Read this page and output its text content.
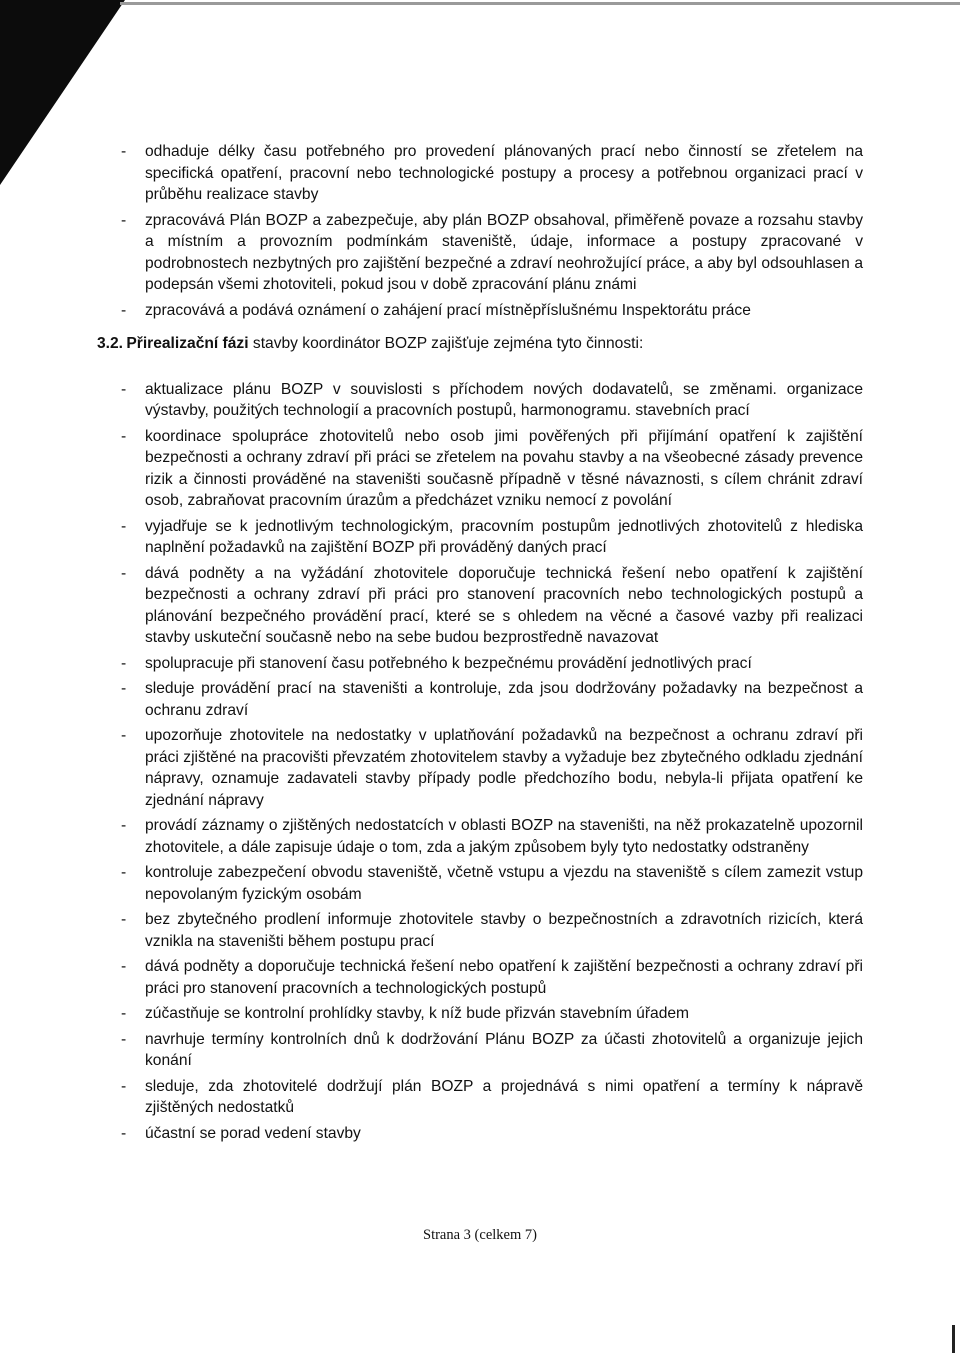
- odhaduje délky času potřebného pro provedení plánovaných prací nebo činností se zřetelem na specifická opatření, pracovní nebo technologické postupy a procesy a potřebnou organizaci prací v průběhu realizace stavby
- zpracovává Plán BOZP a zabezpečuje, aby plán BOZP obsahoval, přiměřeně povaze a rozsahu stavby a místním a provozním podmínkám staveniště, údaje, informace a postupy zpracované v podrobnostech nezbytných pro zajištění bezpečné a zdraví neohrožující práce, a aby byl odsouhlasen a podepsán všemi zhotoviteli, pokud jsou v době zpracování plánu známi
- zpracovává a podává oznámení o zahájení prací místněpříslušnému Inspektorátu práce
3.2. Přirealizační fázi stavby koordinátor BOZP zajišťuje zejména tyto činnosti:
- aktualizace plánu BOZP v souvislosti s příchodem nových dodavatelů, se změnami. organizace výstavby, použitých technologií a pracovních postupů, harmonogramu. stavebních prací
- koordinace spolupráce zhotovitelů nebo osob jimi pověřených při přijímání opatření k zajištění bezpečnosti a ochrany zdraví při práci se zřetelem na povahu stavby a na všeobecné zásady prevence rizik a činnosti prováděné na staveništi současně případně v těsné návaznosti, s cílem chránit zdraví osob, zabraňovat pracovním úrazům a předcházet vzniku nemocí z povolání
- vyjadřuje se k jednotlivým technologickým, pracovním postupům jednotlivých zhotovitelů z hlediska naplnění požadavků na zajištění BOZP při prováděný daných prací
- dává podněty a na vyžádání zhotovitele doporučuje technická řešení nebo opatření k zajištění bezpečnosti a ochrany zdraví při práci pro stanovení pracovních nebo technologických postupů a plánování bezpečného provádění prací, které se s ohledem na věcné a časové vazby při realizaci stavby uskuteční současně nebo na sebe budou bezprostředně navazovat
- spolupracuje při stanovení času potřebného k bezpečnému provádění jednotlivých prací
- sleduje provádění prací na staveništi a kontroluje, zda jsou dodržovány požadavky na bezpečnost a ochranu zdraví
- upozorňuje zhotovitele na nedostatky v uplatňování požadavků na bezpečnost a ochranu zdraví při práci zjištěné na pracovišti převzatém zhotovitelem stavby a vyžaduje bez zbytečného odkladu zjednání nápravy, oznamuje zadavateli stavby případy podle předchozího bodu, nebyla-li přijata opatření ke zjednání nápravy
- provádí záznamy o zjištěných nedostatcích v oblasti BOZP na staveništi, na něž prokazatelně upozornil zhotovitele, a dále zapisuje údaje o tom, zda a jakým způsobem byly tyto nedostatky odstraněny
- kontroluje zabezpečení obvodu staveniště, včetně vstupu a vjezdu na staveniště s cílem zamezit vstup nepovolaným fyzickým osobám
- bez zbytečného prodlení informuje zhotovitele stavby o bezpečnostních a zdravotních rizicích, která vznikla na staveništi během postupu prací
- dává podněty a doporučuje technická řešení nebo opatření k zajištění bezpečnosti a ochrany zdraví při práci pro stanovení pracovních a technologických postupů
- zúčastňuje se kontrolní prohlídky stavby, k níž bude přizván stavebním úřadem
- navrhuje termíny kontrolních dnů k dodržování Plánu BOZP za účasti zhotovitelů a organizuje jejich konání
- sleduje, zda zhotovitelé dodržují plán BOZP a projednává s nimi opatření a termíny k nápravě zjištěných nedostatků
- účastní se porad vedení stavby
Strana 3 (celkem 7)
